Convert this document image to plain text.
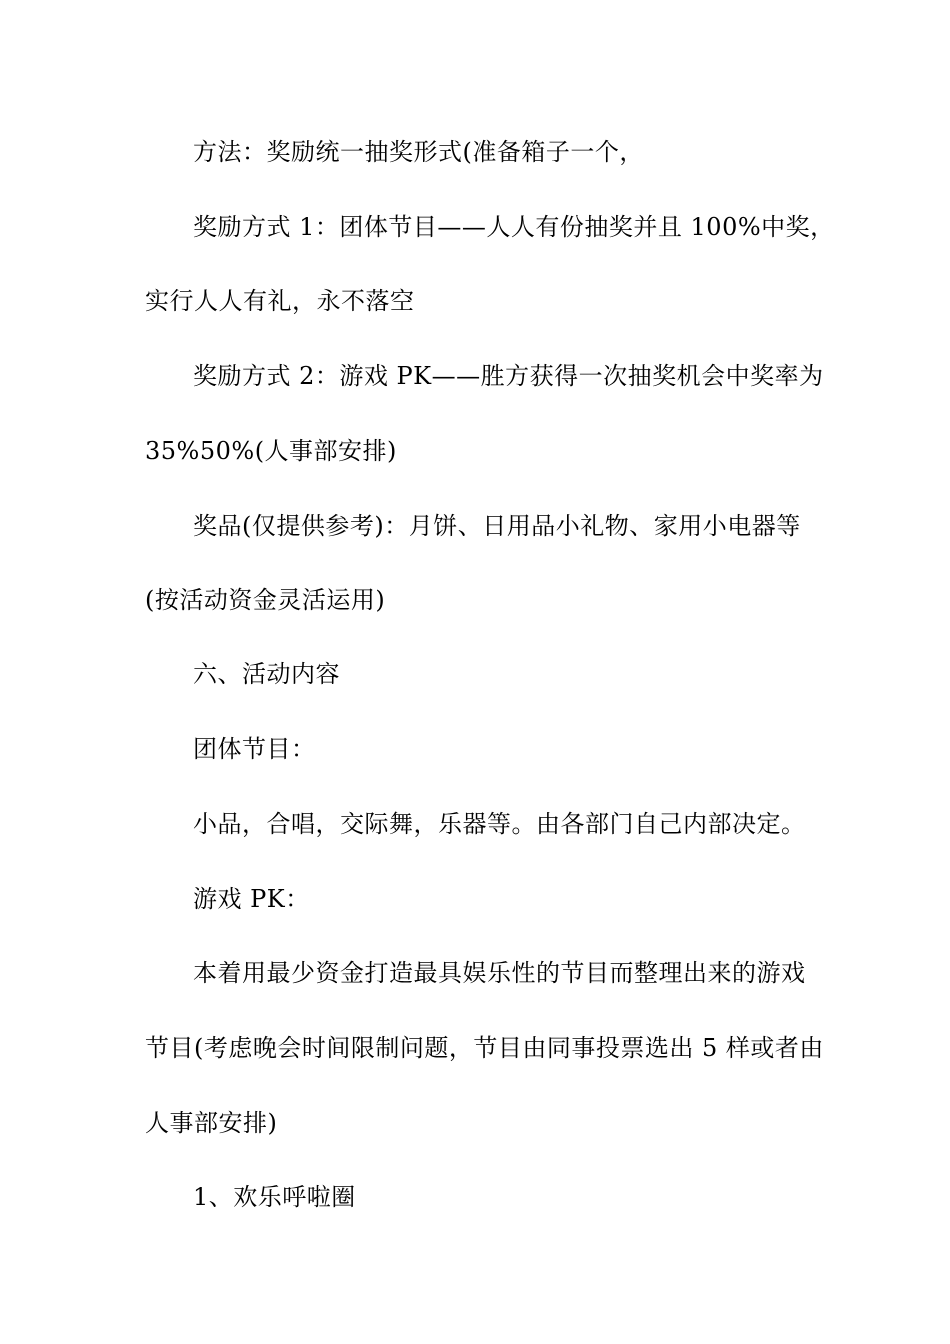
方法：奖励统一抽奖形式(准备箱子一个，
奖励方式 1：团体节目——人人有份抽奖并且 100%中奖，
实行人人有礼，永不落空
奖励方式 2：游戏 PK——胜方获得一次抽奖机会中奖率为
35%50%(人事部安排)
奖品(仅提供参考)：月饼、日用品小礼物、家用小电器等
(按活动资金灵活运用)
六、活动内容
团体节目：
小品，合唱，交际舞，乐器等。由各部门自己内部决定。
游戏 PK：
本着用最少资金打造最具娱乐性的节目而整理出来的游戏
节目(考虑晚会时间限制问题，节目由同事投票选出 5 样或者由
人事部安排)
1、欢乐呼啦圈
